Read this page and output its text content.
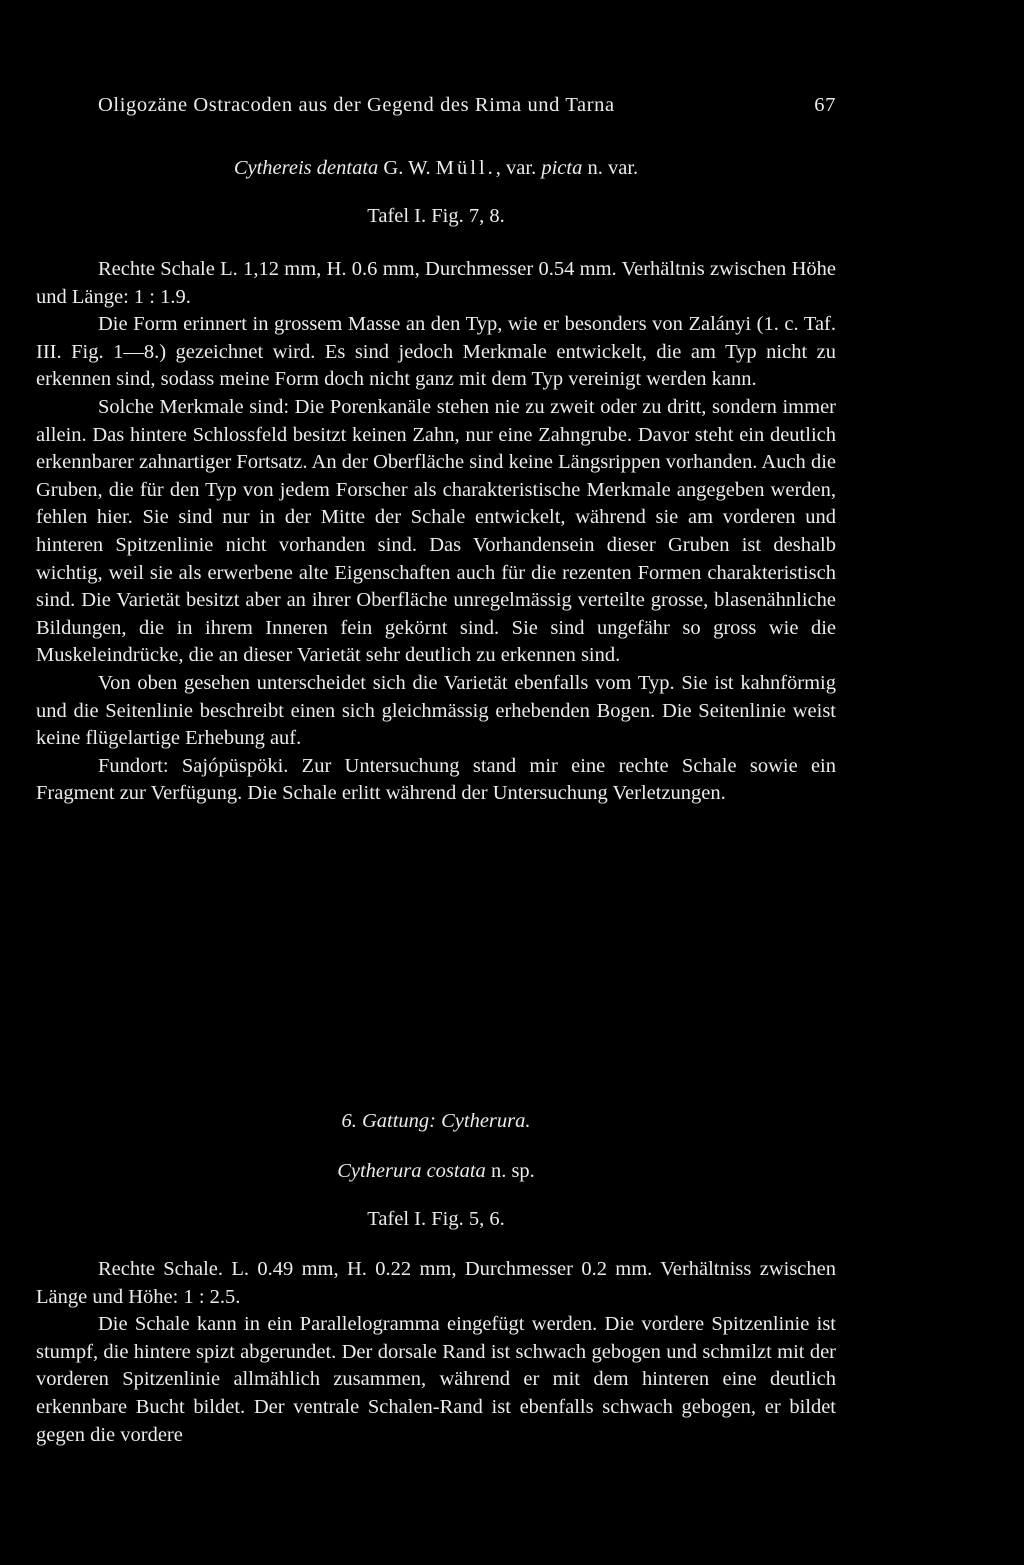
Oligozäne Ostracoden aus der Gegend des Rima und Tarna	67
Cythereis dentata G. W. Müll., var. picta n. var.
Tafel I. Fig. 7, 8.

Rechte Schale L. 1,12 mm, H. 0.6 mm, Durchmesser 0.54 mm. Verhältnis zwischen Höhe und Länge: 1 : 1.9.

Die Form erinnert in grossem Masse an den Typ, wie er besonders von Zalányi (1. c. Taf. III. Fig. 1—8.) gezeichnet wird. Es sind jedoch Merkmale entwickelt, die am Typ nicht zu erkennen sind, sodass meine Form doch nicht ganz mit dem Typ vereinigt werden kann.

Solche Merkmale sind: Die Porenkanäle stehen nie zu zweit oder zu dritt, sondern immer allein. Das hintere Schlossfeld besitzt keinen Zahn, nur eine Zahngrube. Davor steht ein deutlich erkennbarer zahnartiger Fortsatz. An der Oberfläche sind keine Längsrippen vorhanden. Auch die Gruben, die für den Typ von jedem Forscher als charakteristische Merkmale angegeben werden, fehlen hier. Sie sind nur in der Mitte der Schale entwickelt, während sie am vorderen und hinteren Spitzenlinie nicht vorhanden sind. Das Vorhandensein dieser Gruben ist deshalb wichtig, weil sie als erwerbene alte Eigenschaften auch für die rezenten Formen charakteristisch sind. Die Varietät besitzt aber an ihrer Oberfläche unregelmässig verteilte grosse, blasenähnliche Bildungen, die in ihrem Inneren fein gekörnt sind. Sie sind ungefähr so gross wie die Muskeleindrücke, die an dieser Varietät sehr deutlich zu erkennen sind.

Von oben gesehen unterscheidet sich die Varietät ebenfalls vom Typ. Sie ist kahnförmig und die Seitenlinie beschreibt einen sich gleichmässig erhebenden Bogen. Die Seitenlinie weist keine flügelartige Erhebung auf.

Fundort: Sajópüspöki. Zur Untersuchung stand mir eine rechte Schale sowie ein Fragment zur Verfügung. Die Schale erlitt während der Untersuchung Verletzungen.

6. Gattung: Cytherura.
Cytherura costata n. sp.
Tafel I. Fig. 5, 6.

Rechte Schale. L. 0.49 mm, H. 0.22 mm, Durchmesser 0.2 mm. Verhältniss zwischen Länge und Höhe: 1 : 2.5.

Die Schale kann in ein Parallelogramma eingefügt werden. Die vordere Spitzenlinie ist stumpf, die hintere spizt abgerundet. Der dorsale Rand ist schwach gebogen und schmilzt mit der vorderen Spitzenlinie allmählich zusammen, während er mit dem hinteren eine deutlich erkennbare Bucht bildet. Der ventrale Schalen-Rand ist ebenfalls schwach gebogen, er bildet gegen die vordere
